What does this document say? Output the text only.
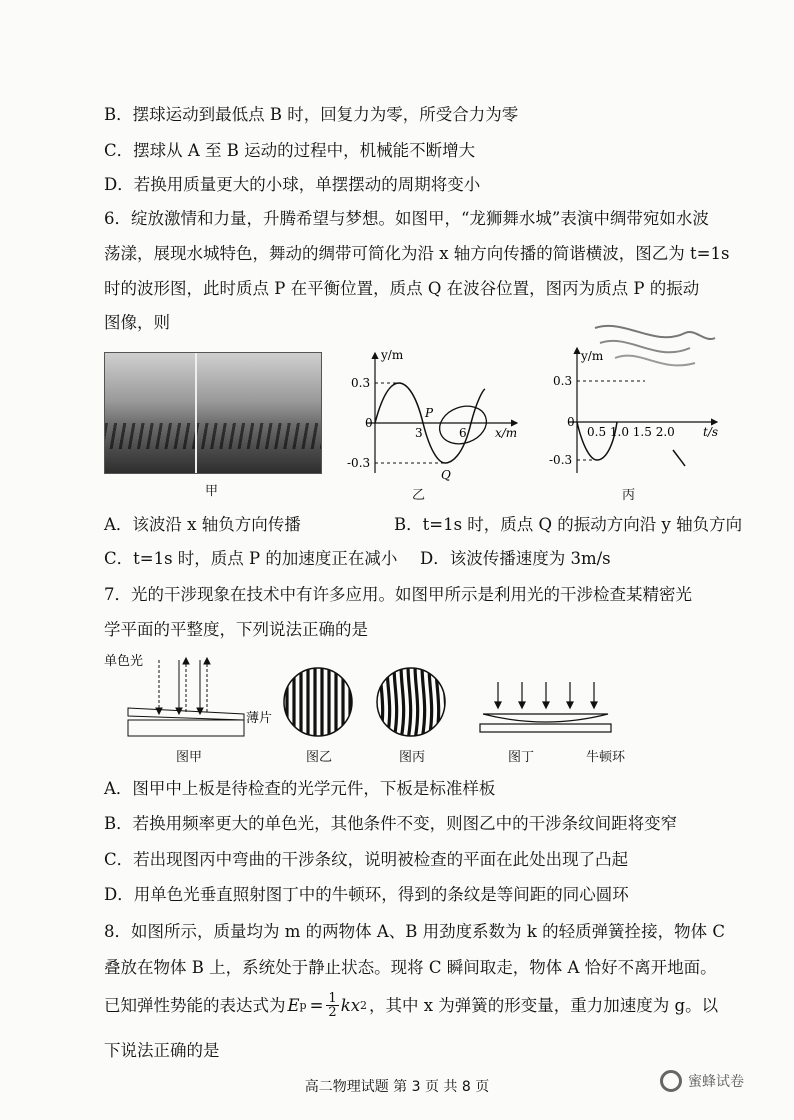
B．摆球运动到最低点 B 时，回复力为零，所受合力为零
C．摆球从 A 至 B 运动的过程中，机械能不断增大
D．若换用质量更大的小球，单摆摆动的周期将变小
6．绽放激情和力量，升腾希望与梦想。如图甲，“龙狮舞水城”表演中绸带宛如水波
荡漾，展现水城特色，舞动的绸带可简化为沿 x 轴方向传播的简谐横波，图乙为 t=1s
时的波形图，此时质点 P 在平衡位置，质点 Q 在波谷位置，图丙为质点 P 的振动
图像，则
甲
y/m
x/m
0.3
-0.3
0
3	6
P
Q
乙
y/m
t/s
0.3
-0.3
0
0.5 1.0 1.5 2.0
丙
A．该波沿 x 轴负方向传播	B．t=1s 时，质点 Q 的振动方向沿 y 轴负方向
C．t=1s 时，质点 P 的加速度正在减小 D．该波传播速度为 3m/s
7．光的干涉现象在技术中有许多应用。如图甲所示是利用光的干涉检查某精密光
学平面的平整度，下列说法正确的是
单色光
薄片
图甲	图乙	图丙	图丁	牛顿环
A．图甲中上板是待检查的光学元件，下板是标准样板
B．若换用频率更大的单色光，其他条件不变，则图乙中的干涉条纹间距将变窄
C．若出现图丙中弯曲的干涉条纹，说明被检查的平面在此处出现了凸起
D．用单色光垂直照射图丁中的牛顿环，得到的条纹是等间距的同心圆环
8．如图所示，质量均为 m 的两物体 A、B 用劲度系数为 k 的轻质弹簧拴接，物体 C
叠放在物体 B 上，系统处于静止状态。现将 C 瞬间取走，物体 A 恰好不离开地面。
已知弹性势能的表达式为 E $p = \frac{1}{2}$ kx 2 ，其中 x 为弹簧的形变量，重力加速度为 g。以
下说法正确的是
高二物理试题 第 3 页 共 8 页	蜜蜂试卷
